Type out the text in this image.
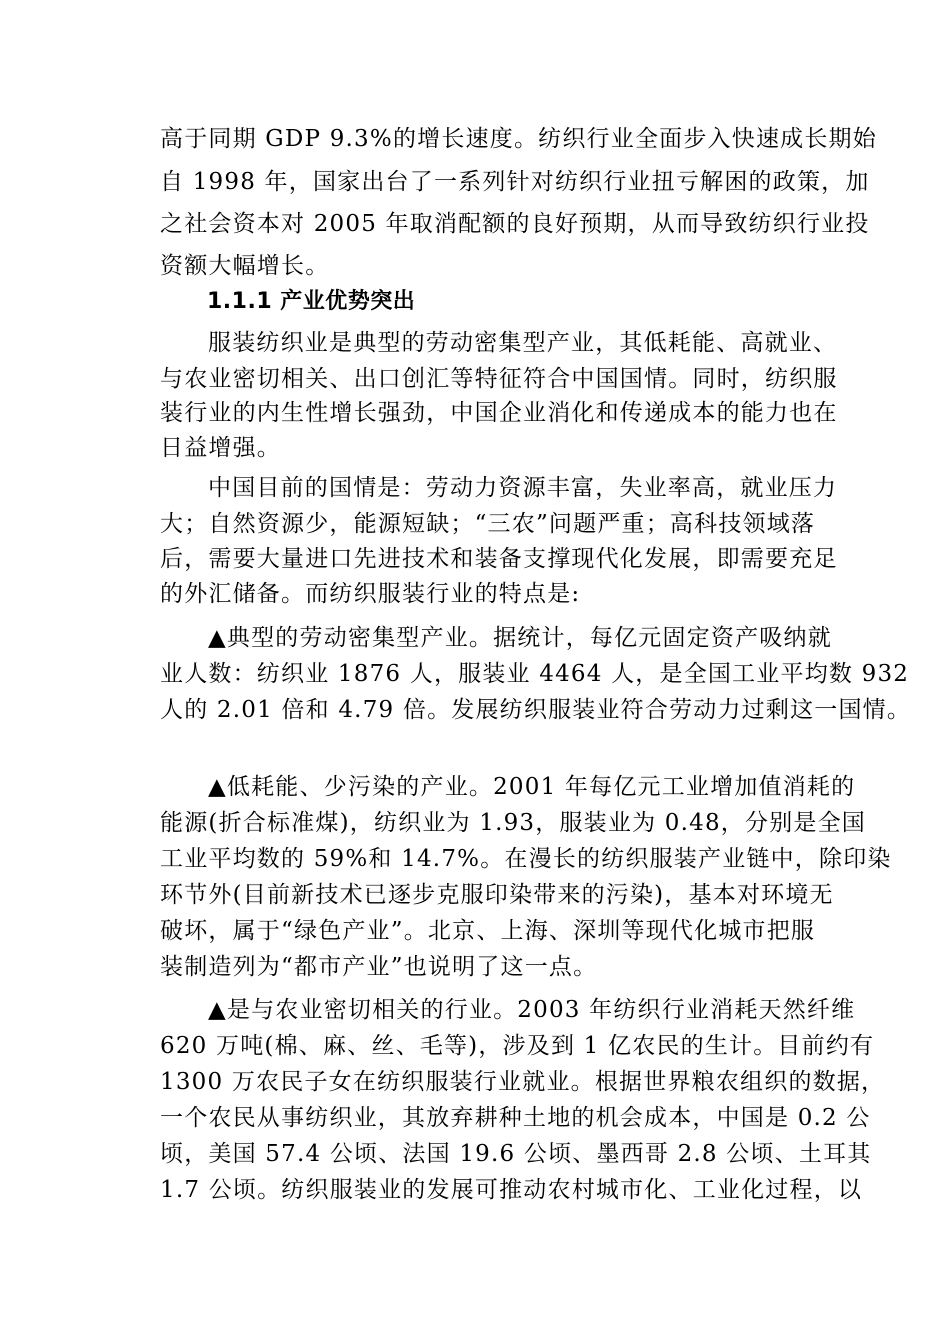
高于同期 GDP 9.3%的增长速度。纺织行业全面步入快速成长期始
自 1998 年，国家出台了一系列针对纺织行业扭亏解困的政策，加
之社会资本对 2005 年取消配额的良好预期，从而导致纺织行业投
资额大幅增长。
1.1.1 产业优势突出
服装纺织业是典型的劳动密集型产业，其低耗能、高就业、
与农业密切相关、出口创汇等特征符合中国国情。同时，纺织服
装行业的内生性增长强劲，中国企业消化和传递成本的能力也在
日益增强。
中国目前的国情是：劳动力资源丰富，失业率高，就业压力
大；自然资源少，能源短缺；“三农”问题严重；高科技领域落
后，需要大量进口先进技术和装备支撑现代化发展，即需要充足
的外汇储备。而纺织服装行业的特点是:
▲典型的劳动密集型产业。据统计，每亿元固定资产吸纳就
业人数：纺织业 1876 人，服装业 4464 人，是全国工业平均数 932
人的 2.01 倍和 4.79 倍。发展纺织服装业符合劳动力过剩这一国情。
▲低耗能、少污染的产业。2001 年每亿元工业增加值消耗的
能源(折合标准煤)，纺织业为 1.93，服装业为 0.48，分别是全国
工业平均数的 59%和 14.7%。在漫长的纺织服装产业链中，除印染
环节外(目前新技术已逐步克服印染带来的污染)，基本对环境无
破坏，属于“绿色产业”。北京、上海、深圳等现代化城市把服
装制造列为“都市产业”也说明了这一点。
▲是与农业密切相关的行业。2003 年纺织行业消耗天然纤维
620 万吨(棉、麻、丝、毛等)，涉及到 1 亿农民的生计。目前约有
1300 万农民子女在纺织服装行业就业。根据世界粮农组织的数据，
一个农民从事纺织业，其放弃耕种土地的机会成本，中国是 0.2 公
顷，美国 57.4 公顷、法国 19.6 公顷、墨西哥 2.8 公顷、土耳其
1.7 公顷。纺织服装业的发展可推动农村城市化、工业化过程，以
